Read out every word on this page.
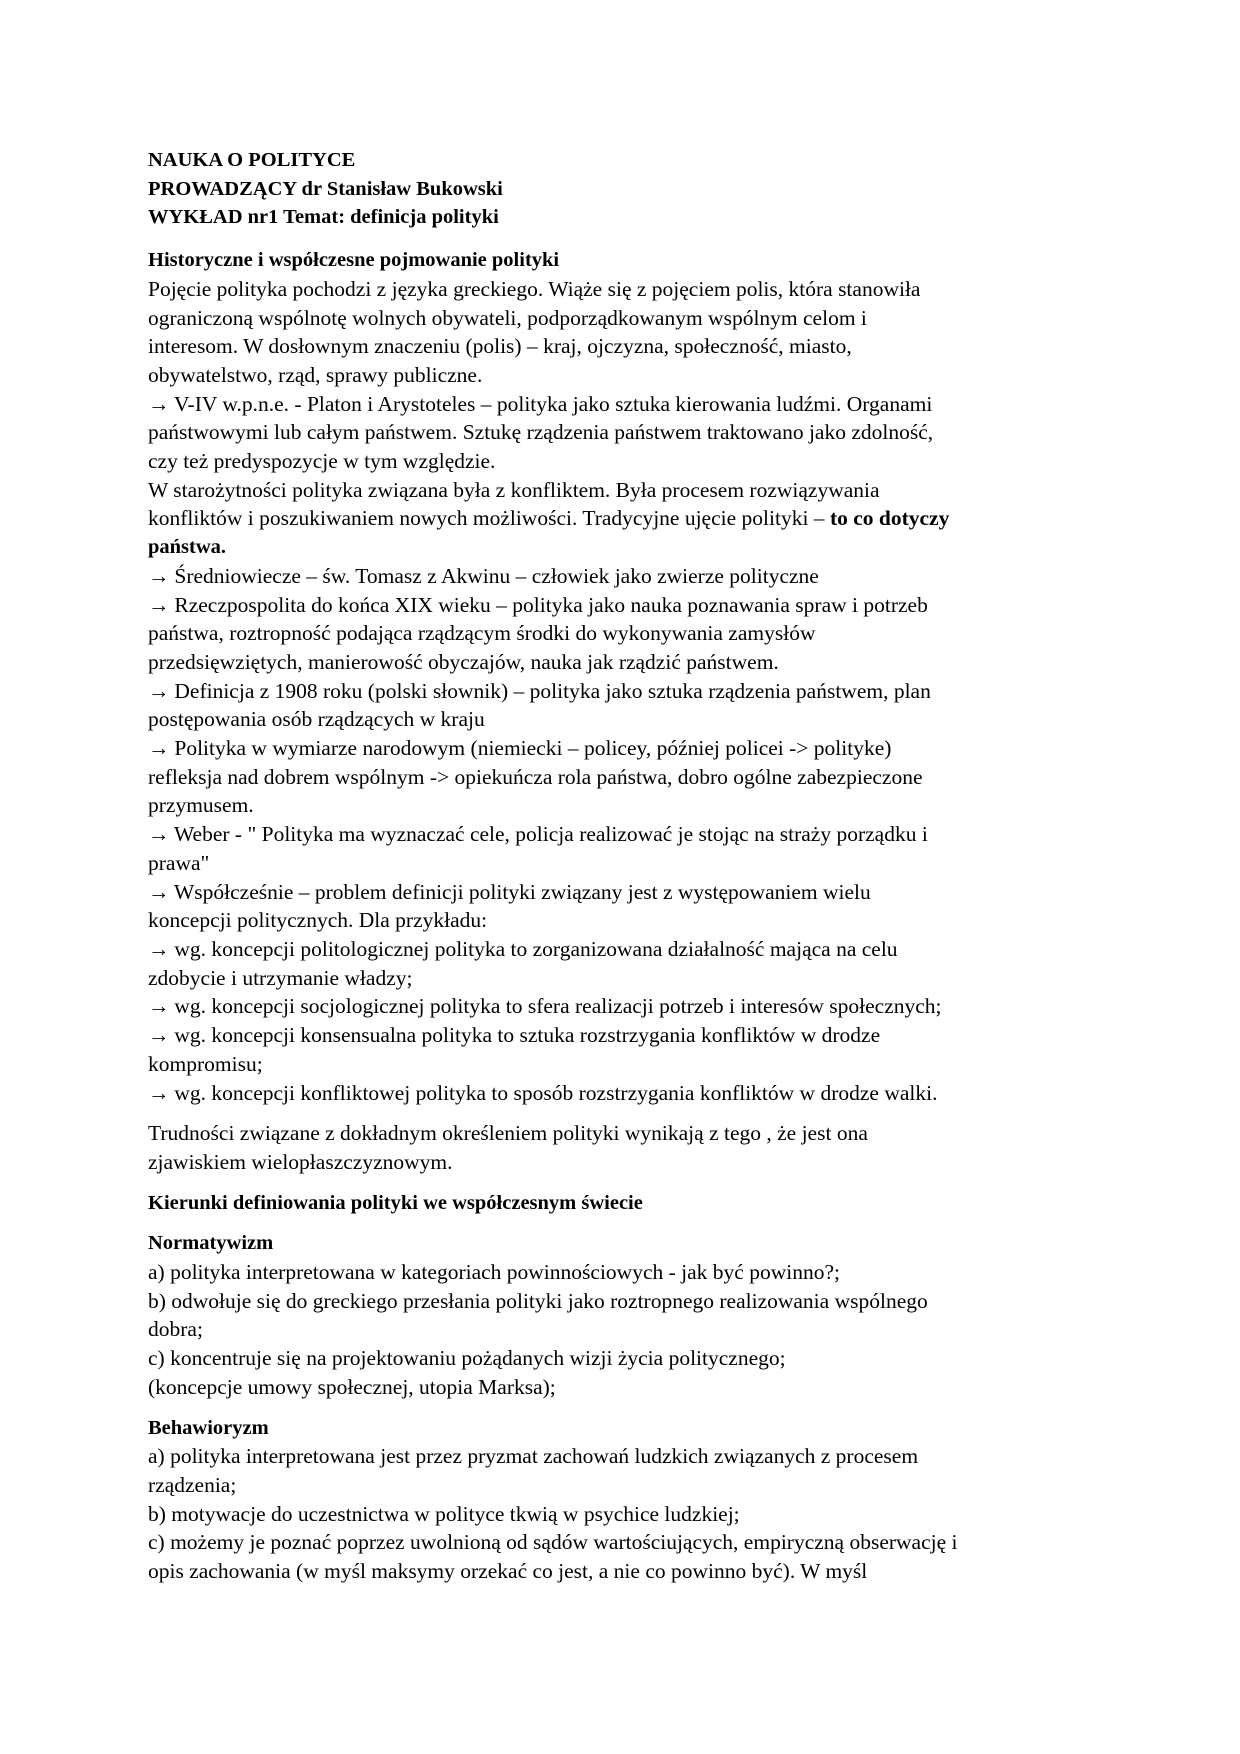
NAUKA O POLITYCE
PROWADZĄCY dr Stanisław Bukowski
WYKŁAD nr1 Temat: definicja polityki
Historyczne i współczesne pojmowanie polityki
Pojęcie polityka pochodzi z języka greckiego. Wiąże się z pojęciem polis, która stanowiła
ograniczoną wspólnotę wolnych obywateli, podporządkowanym wspólnym celom i
interesom. W dosłownym znaczeniu (polis) – kraj, ojczyzna, społeczność, miasto,
obywatelstwo, rząd, sprawy publiczne.
→ V-IV w.p.n.e. - Platon i Arystoteles – polityka jako sztuka kierowania ludźmi. Organami
państwowymi lub całym państwem. Sztukę rządzenia państwem traktowano jako zdolność,
czy też predyspozycje w tym względzie.
W starożytności polityka związana była z konfliktem. Była procesem rozwiązywania
konfliktów i poszukiwaniem nowych możliwości. Tradycyjne ujęcie polityki – to co dotyczy
państwa.
→ Średniowiecze – św. Tomasz z Akwinu – człowiek jako zwierze polityczne
→ Rzeczpospolita do końca XIX wieku – polityka jako nauka poznawania spraw i potrzeb
państwa, roztropność podająca rządzącym środki do wykonywania zamysłów
przedsięwziętych, manierowość obyczajów, nauka jak rządzić państwem.
→ Definicja z 1908 roku (polski słownik) – polityka jako sztuka rządzenia państwem, plan
postępowania osób rządzących w kraju
→ Polityka w wymiarze narodowym (niemiecki – policey, później policei -> polityke)
refleksja nad dobrem wspólnym -> opiekuńcza rola państwa, dobro ogólne zabezpieczone
przymusem.
→ Weber - " Polityka ma wyznaczać cele, policja realizować je stojąc na straży porządku i
prawa"
→ Współcześnie – problem definicji polityki związany jest z występowaniem wielu
koncepcji politycznych. Dla przykładu:
→ wg. koncepcji politologicznej polityka to zorganizowana działalność mająca na celu
zdobycie i utrzymanie władzy;
→ wg. koncepcji socjologicznej polityka to sfera realizacji potrzeb i interesów społecznych;
→ wg. koncepcji konsensualna polityka to sztuka rozstrzygania konfliktów w drodze
kompromisu;
→ wg. koncepcji konfliktowej polityka to sposób rozstrzygania konfliktów w drodze walki.
Trudności związane z dokładnym określeniem polityki wynikają z tego , że jest ona
zjawiskiem wielopłaszczyznowym.
Kierunki definiowania polityki we współczesnym świecie
Normatywizm
a) polityka interpretowana w kategoriach powinnościowych - jak być powinno?;
b) odwołuje się do greckiego przesłania polityki jako roztropnego realizowania wspólnego
dobra;
c) koncentruje się na projektowaniu pożądanych wizji życia politycznego;
(koncepcje umowy społecznej, utopia Marksa);
Behawioryzm
a) polityka interpretowana jest przez pryzmat zachowań ludzkich związanych z procesem
rządzenia;
b) motywacje do uczestnictwa w polityce tkwią w psychice ludzkiej;
c) możemy je poznać poprzez uwolnioną od sądów wartościujących, empiryczną obserwację i
opis zachowania (w myśl maksymy orzekać co jest, a nie co powinno być). W myśl
